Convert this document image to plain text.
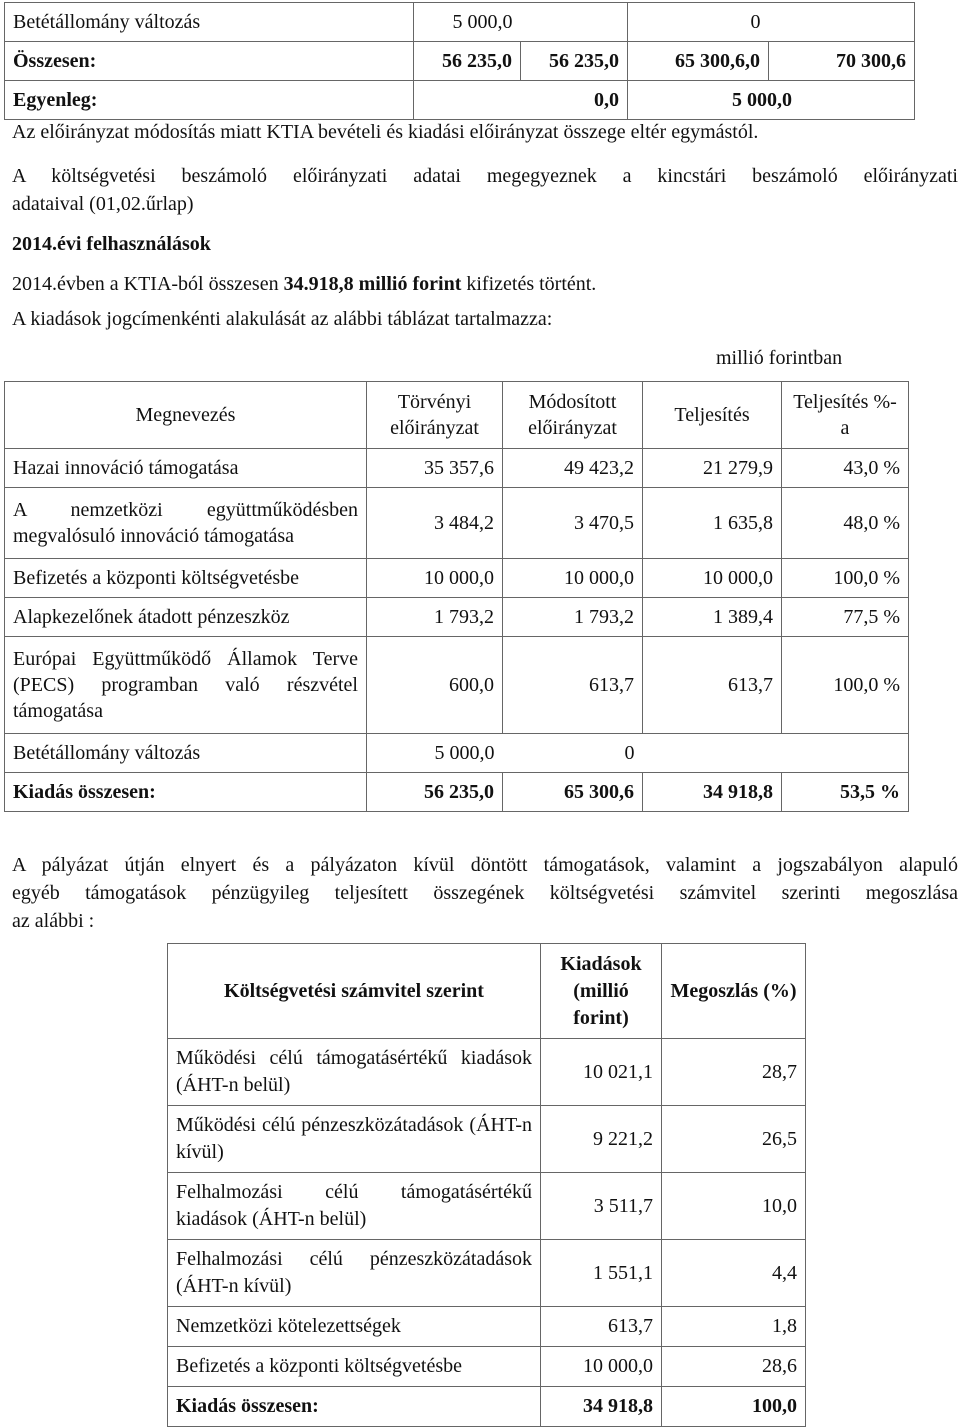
Betétállomány változás	5 000,0		0	
Összesen:	56 235,0	56 235,0	65 300,6,0	70 300,6
Egyenleg:	0,0		5 000,0	

Az előirányzat módosítás miatt KTIA bevételi és kiadási előirányzat összege eltér egymástól.

A költségvetési beszámoló előirányzati adatai megegyeznek a kincstári beszámoló előirányzati

adataival (01,02.űrlap)

2014.évi felhasználások

2014.évben a KTIA-ból összesen 34.918,8 millió forint kifizetés történt.

A kiadások jogcímenkénti alakulását az alábbi táblázat tartalmazza:

millió forintban
Megnevezés	Törvényi előirányzat	Módosított előirányzat	Teljesítés	Teljesítés %-a
Hazai innováció támogatása	35 357,6	49 423,2	21 279,9	43,0 %
A nemzetközi együttműködésben megvalósuló innováció támogatása	3 484,2	3 470,5	1 635,8	48,0 %
Befizetés a központi költségvetésbe	10 000,0	10 000,0	10 000,0	100,0 %
Alapkezelőnek átadott pénzeszköz	1 793,2	1 793,2	1 389,4	77,5 %
Európai Együttműködő Államok Terve (PECS) programban való részvétel támogatása	600,0	613,7	613,7	100,0 %
Betétállomány változás	5 000,0	0		
Kiadás összesen:	56 235,0	65 300,6	34 918,8	53,5 %

A pályázat útján elnyert és a pályázaton kívül döntött támogatások, valamint a jogszabályon alapuló

egyéb támogatások pénzügyileg teljesített összegének költségvetési számvitel szerinti megoszlása

az alábbi :

Költségvetési számvitel szerint	Kiadások (millió forint)	Megoszlás (%)
Működési célú támogatásértékű kiadások (ÁHT-n belül)	10 021,1	28,7
Működési célú pénzeszközátadások (ÁHT-n kívül)	9 221,2	26,5
Felhalmozási célú támogatásértékű kiadások (ÁHT-n belül)	3 511,7	10,0
Felhalmozási célú pénzeszközátadások (ÁHT-n kívül)	1 551,1	4,4
Nemzetközi kötelezettségek	613,7	1,8
Befizetés a központi költségvetésbe	10 000,0	28,6
Kiadás összesen:	34 918,8	100,0
